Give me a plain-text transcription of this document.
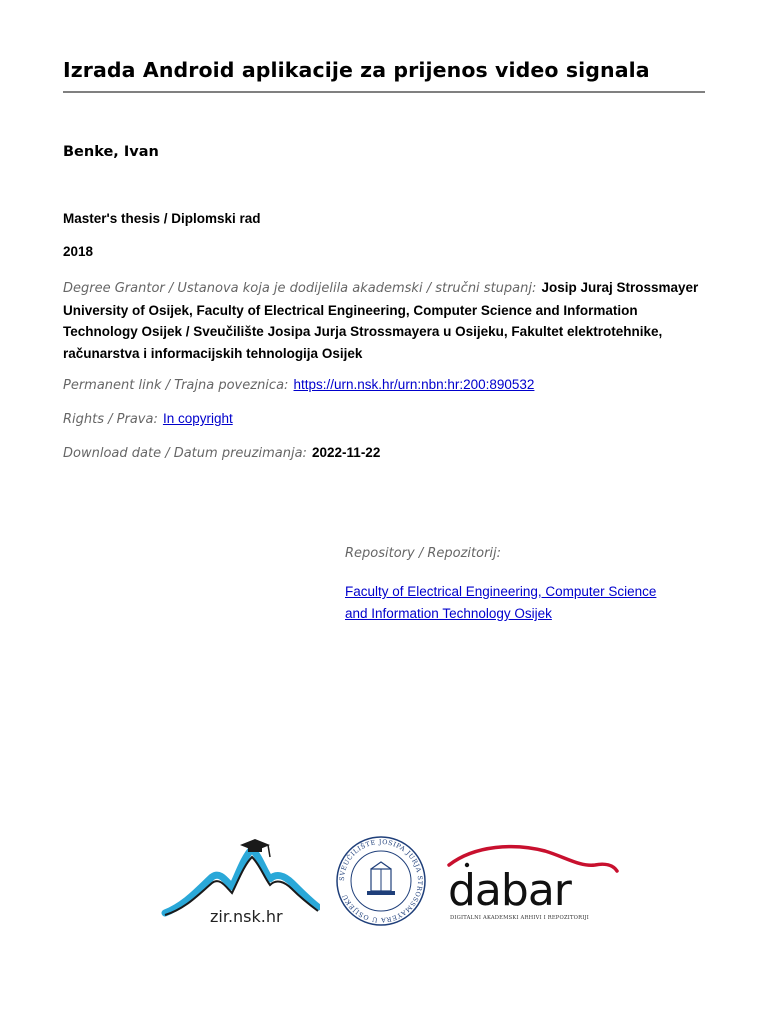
Izrada Android aplikacije za prijenos video signala
Benke, Ivan
Master's thesis / Diplomski rad
2018
Degree Grantor / Ustanova koja je dodijelila akademski / stručni stupanj: Josip Juraj Strossmayer University of Osijek, Faculty of Electrical Engineering, Computer Science and Information Technology Osijek / Sveučilište Josipa Jurja Strossmayera u Osijeku, Fakultet elektrotehnike, računarstva i informacijskih tehnologija Osijek
Permanent link / Trajna poveznica: https://urn.nsk.hr/urn:nbn:hr:200:890532
Rights / Prava: In copyright
Download date / Datum preuzimanja: 2022-11-22
Repository / Repozitorij:
Faculty of Electrical Engineering, Computer Science and Information Technology Osijek
zir.nsk.hr
SVEUČILIŠTE JOSIPA JURJA STROSSMAYERA U OSIJEKU	dabar
DIGITALNI AKADEMSKI ARHIVI I REPOZITORIJI
